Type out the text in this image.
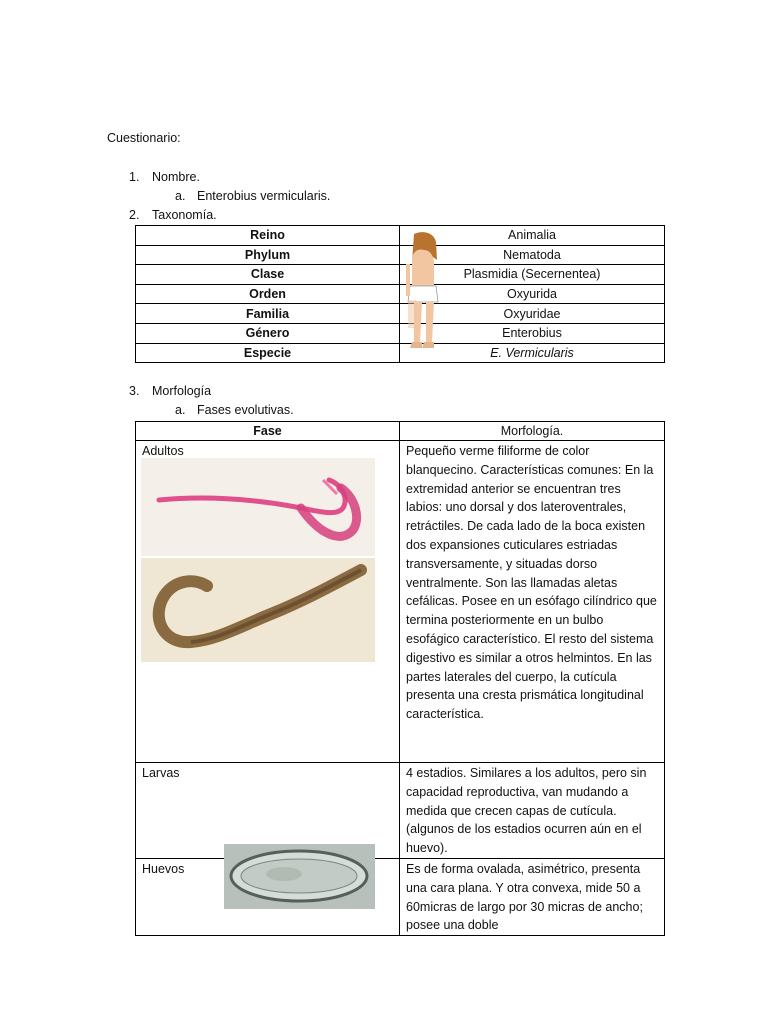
Cuestionario:
1. Nombre.
a. Enterobius vermicularis.
2. Taxonomía.
Reino	Animalia
Phylum	Nematoda
Clase	Plasmidia (Secernentea)
Orden	Oxyurida
Familia	Oxyuridae
Género	Enterobius
Especie	E. Vermicularis
3. Morfología
a. Fases evolutivas.
Fase	Morfología.
Adultos	Pequeño verme filiforme de color blanquecino. Características comunes: En la extremidad anterior se encuentran tres labios: uno dorsal y dos lateroventrales, retráctiles. De cada lado de la boca existen dos expansiones cuticulares estriadas transversamente, y situadas dorso ventralmente. Son las llamadas aletas cefálicas. Posee en un esófago cilíndrico que termina posteriormente en un bulbo esofágico característico. El resto del sistema digestivo es similar a otros helmintos. En las partes laterales del cuerpo, la cutícula presenta una cresta prismática longitudinal característica.
Larvas	4 estadios. Similares a los adultos, pero sin capacidad reproductiva, van mudando a medida que crecen capas de cutícula. (algunos de los estadios ocurren aún en el huevo).
Huevos	Es de forma ovalada, asimétrico, presenta una cara plana. Y otra convexa, mide 50 a 60micras de largo por 30 micras de ancho; posee una doble
